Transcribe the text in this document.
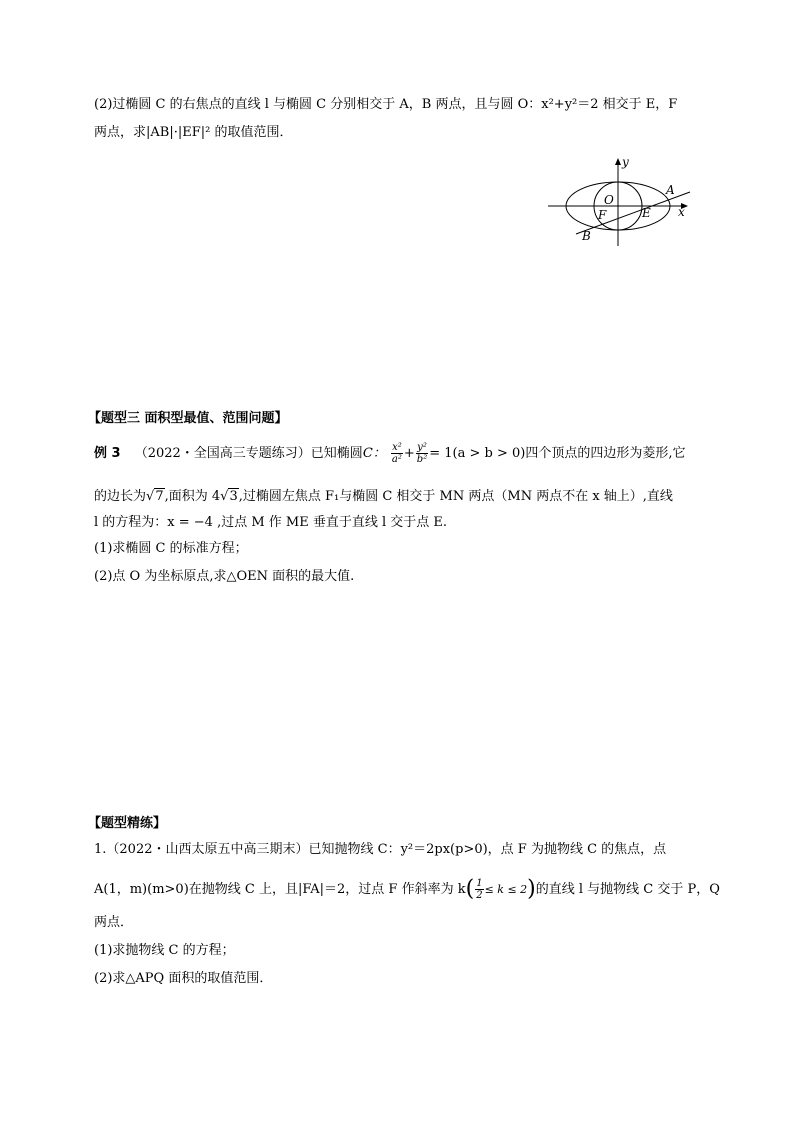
(2)过椭圆 C 的右焦点的直线 l 与椭圆 C 分别相交于 A，B 两点，且与圆 O：x²+y²＝2 相交于 E，F
两点，求|AB|·|EF|² 的取值范围．
y
x
O
F	E
A
B
【题型三 面积型最值、范围问题】
例 3 （2022・全国高三专题练习）已知椭圆C： $\frac{\text{x²}}{\text{a²}} + \frac{\text{y²}}{\text{b²}} = 1(a > b > 0)$四个顶点的四边形为菱形,它
的边长为√7,面积为 4√3,过椭圆左焦点 F₁与椭圆 C 相交于 MN 两点（MN 两点不在 x 轴上）,直线
l 的方程为：x = −4 ,过点 M 作 ME 垂直于直线 l 交于点 E.
(1)求椭圆 C 的标准方程；
(2)点 O 为坐标原点,求△OEN 面积的最大值.
【题型精练】
1.（2022・山西太原五中高三期末）已知抛物线 C：y²＝2px(p>0)，点 F 为抛物线 C 的焦点，点
A(1，m)(m>0)在抛物线 C 上，且|FA|＝2，过点 F 作斜率为 $k( \frac{1}{2} \le k \le 2)$的直线 l 与抛物线 C 交于 P，Q
两点．
(1)求抛物线 C 的方程；
(2)求△APQ 面积的取值范围．
